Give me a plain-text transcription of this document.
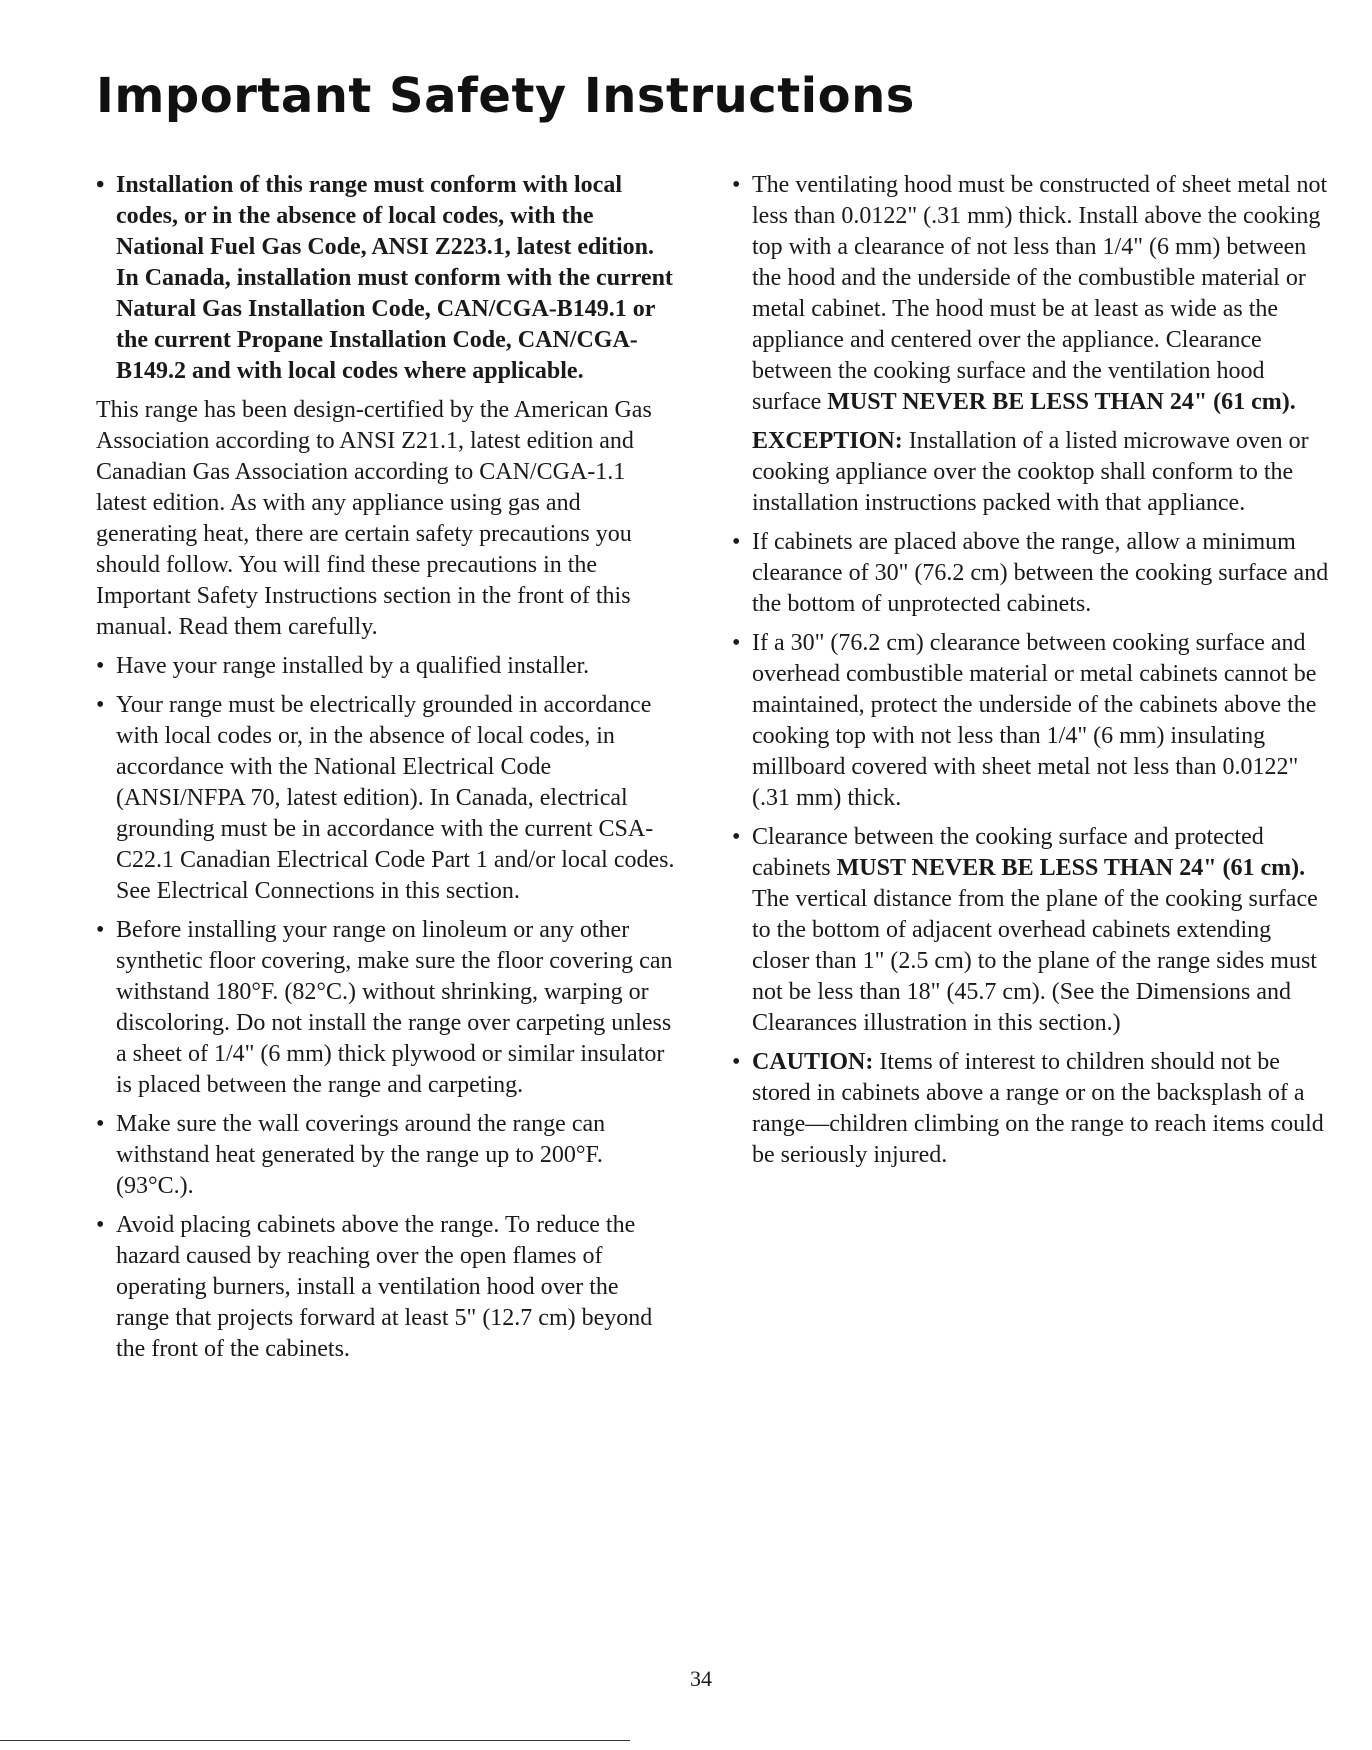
Important Safety Instructions
• Installation of this range must conform with local codes, or in the absence of local codes, with the National Fuel Gas Code, ANSI Z223.1, latest edition. In Canada, installation must conform with the current Natural Gas Installation Code, CAN/CGA-B149.1 or the current Propane Installation Code, CAN/CGA-B149.2 and with local codes where applicable.

This range has been design-certified by the American Gas Association according to ANSI Z21.1, latest edition and Canadian Gas Association according to CAN/CGA-1.1 latest edition. As with any appliance using gas and generating heat, there are certain safety precautions you should follow. You will find these precautions in the Important Safety Instructions section in the front of this manual. Read them carefully.

• Have your range installed by a qualified installer.
• Your range must be electrically grounded in accordance with local codes or, in the absence of local codes, in accordance with the National Electrical Code (ANSI/NFPA 70, latest edition). In Canada, electrical grounding must be in accordance with the current CSA-C22.1 Canadian Electrical Code Part 1 and/or local codes. See Electrical Connections in this section.
• Before installing your range on linoleum or any other synthetic floor covering, make sure the floor covering can withstand 180°F. (82°C.) without shrinking, warping or discoloring. Do not install the range over carpeting unless a sheet of 1/4" (6 mm) thick plywood or similar insulator is placed between the range and carpeting.
• Make sure the wall coverings around the range can withstand heat generated by the range up to 200°F. (93°C.).
• Avoid placing cabinets above the range. To reduce the hazard caused by reaching over the open flames of operating burners, install a ventilation hood over the range that projects forward at least 5" (12.7 cm) beyond the front of the cabinets.
• The ventilating hood must be constructed of sheet metal not less than 0.0122" (.31 mm) thick. Install above the cooking top with a clearance of not less than 1/4" (6 mm) between the hood and the underside of the combustible material or metal cabinet. The hood must be at least as wide as the appliance and centered over the appliance. Clearance between the cooking surface and the ventilation hood surface MUST NEVER BE LESS THAN 24" (61 cm).

EXCEPTION: Installation of a listed microwave oven or cooking appliance over the cooktop shall conform to the installation instructions packed with that appliance.

• If cabinets are placed above the range, allow a minimum clearance of 30" (76.2 cm) between the cooking surface and the bottom of unprotected cabinets.
• If a 30" (76.2 cm) clearance between cooking surface and overhead combustible material or metal cabinets cannot be maintained, protect the underside of the cabinets above the cooking top with not less than 1/4" (6 mm) insulating millboard covered with sheet metal not less than 0.0122" (.31 mm) thick.
• Clearance between the cooking surface and protected cabinets MUST NEVER BE LESS THAN 24" (61 cm). The vertical distance from the plane of the cooking surface to the bottom of adjacent overhead cabinets extending closer than 1" (2.5 cm) to the plane of the range sides must not be less than 18" (45.7 cm). (See the Dimensions and Clearances illustration in this section.)
• CAUTION: Items of interest to children should not be stored in cabinets above a range or on the backsplash of a range—children climbing on the range to reach items could be seriously injured.
34
